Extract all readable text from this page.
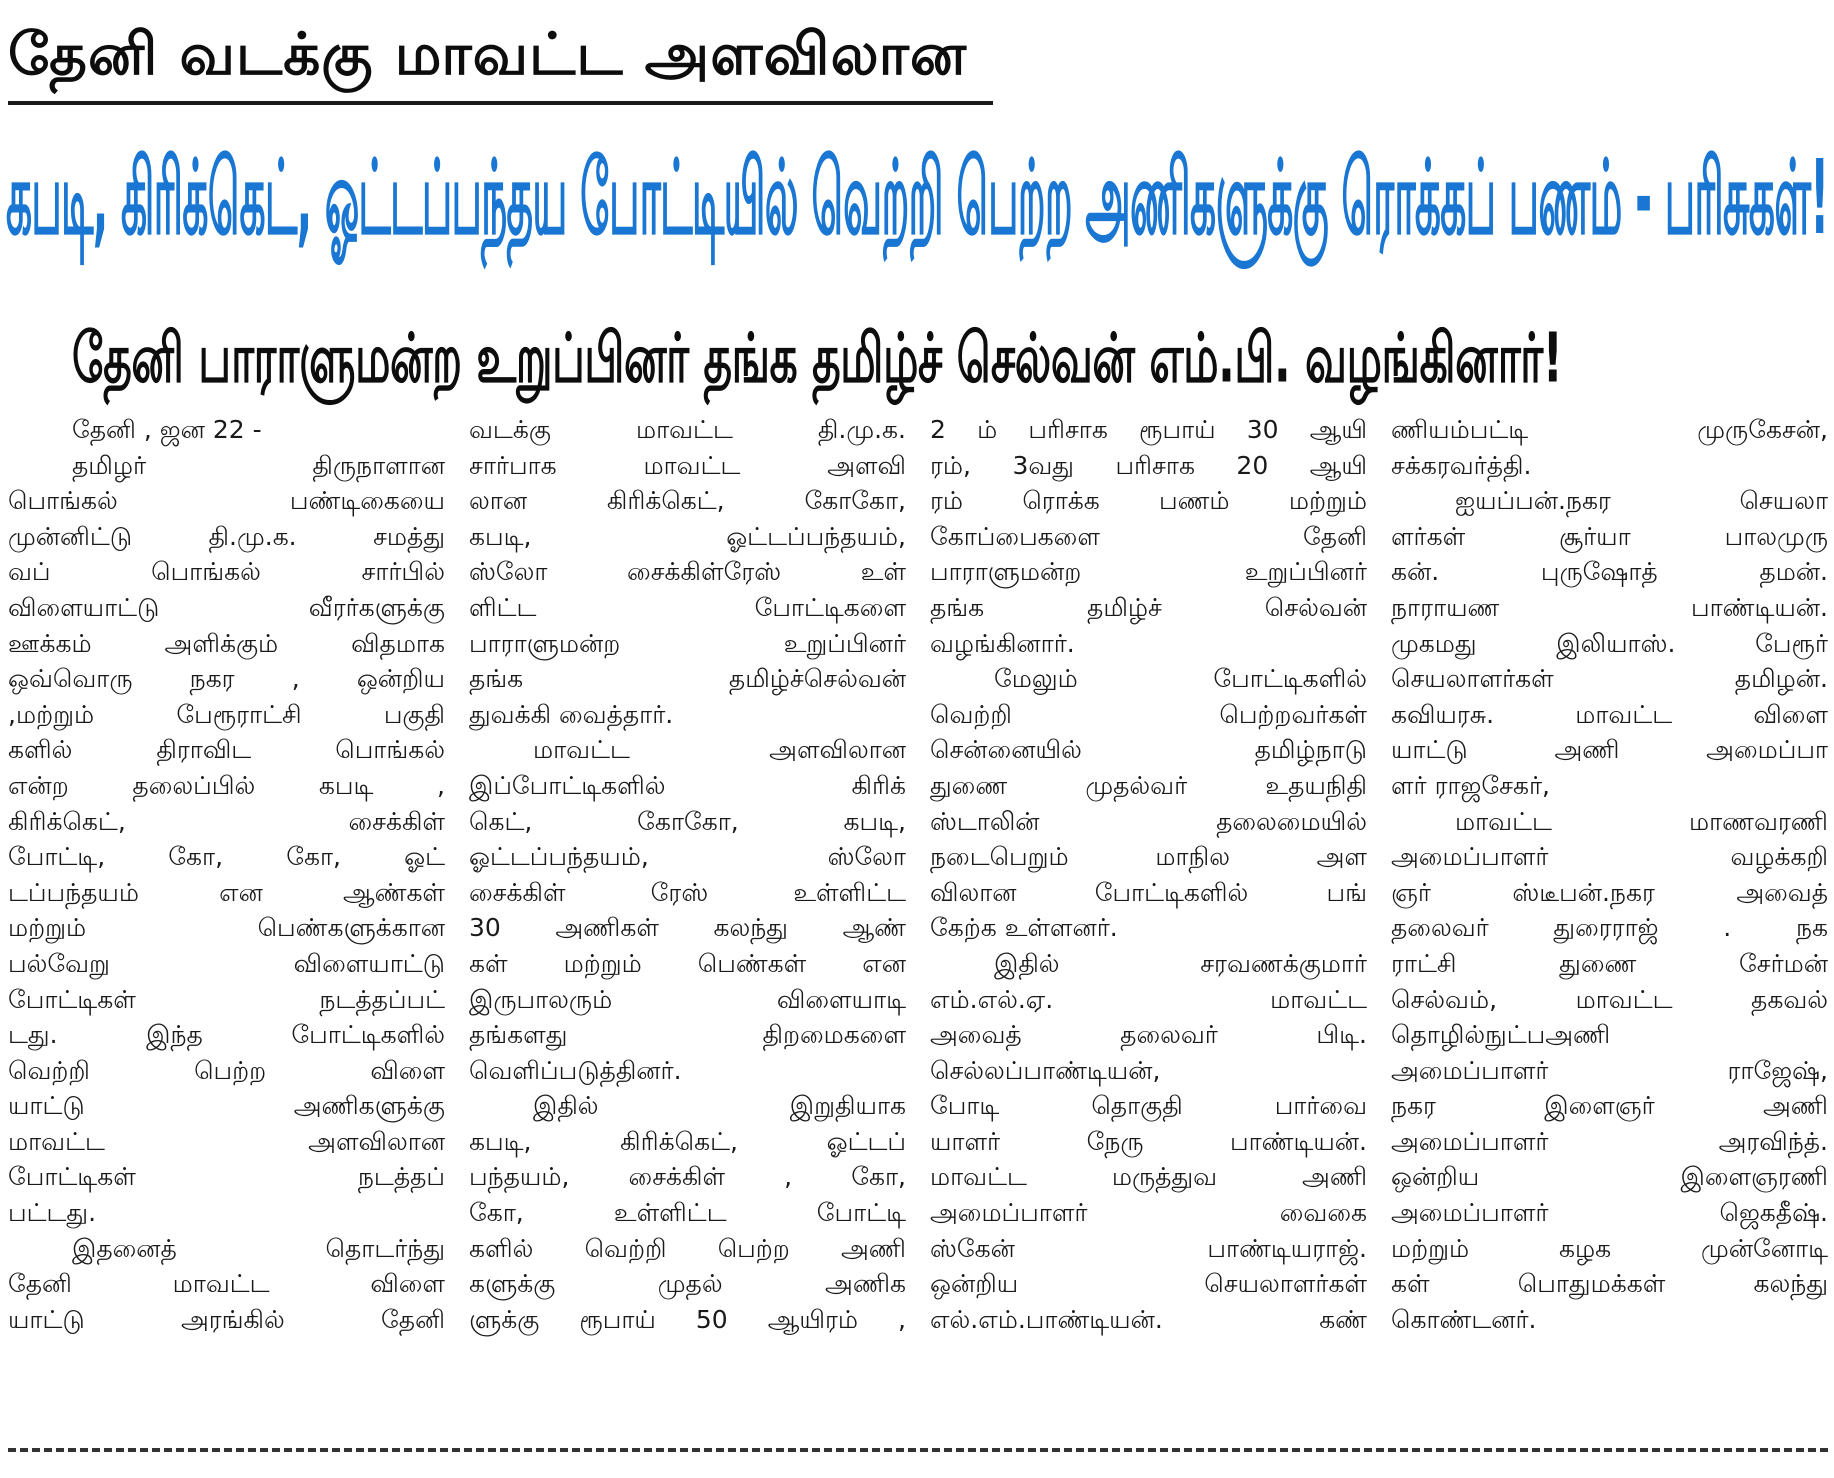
தேனி வடக்கு மாவட்ட அளவிலான
கபடி, கிரிக்கெட், ஓட்டப்பந்தய போட்டியில் வெற்றி பெற்ற அணிகளுக்கு ரொக்கப் பணம் - பரிசுகள்!
தேனி பாராளுமன்ற உறுப்பினர் தங்க தமிழ்ச் செல்வன் எம்.பி. வழங்கினார்!
தேனி , ஜன 22 -
தமிழர் திருநாளான
பொங்கல் பண்டிகையை
முன்னிட்டு தி.மு.க. சமத்து
வப் பொங்கல் சார்பில்
விளையாட்டு வீரர்களுக்கு
ஊக்கம் அளிக்கும் விதமாக
ஒவ்வொரு நகர , ஒன்றிய
,மற்றும் பேரூராட்சி பகுதி
களில் திராவிட பொங்கல்
என்ற தலைப்பில் கபடி ,
கிரிக்கெட், சைக்கிள்
போட்டி, கோ, கோ, ஓட்
டப்பந்தயம் என ஆண்கள்
மற்றும் பெண்களுக்கான
பல்வேறு விளையாட்டு
போட்டிகள் நடத்தப்பட்
டது. இந்த போட்டிகளில்
வெற்றி பெற்ற விளை
யாட்டு அணிகளுக்கு
மாவட்ட அளவிலான
போட்டிகள் நடத்தப்
பட்டது.
இதனைத் தொடர்ந்து
தேனி மாவட்ட விளை
யாட்டு அரங்கில் தேனி
வடக்கு மாவட்ட தி.மு.க.
சார்பாக மாவட்ட அளவி
லான கிரிக்கெட், கோகோ,
கபடி, ஓட்டப்பந்தயம்,
ஸ்லோ சைக்கிள்ரேஸ் உள்
ளிட்ட போட்டிகளை
பாராளுமன்ற உறுப்பினர்
தங்க தமிழ்ச்செல்வன்
துவக்கி வைத்தார்.
மாவட்ட அளவிலான
இப்போட்டிகளில் கிரிக்
கெட், கோகோ, கபடி,
ஓட்டப்பந்தயம், ஸ்லோ
சைக்கிள் ரேஸ் உள்ளிட்ட
30 அணிகள் கலந்து ஆண்
கள் மற்றும் பெண்கள் என
இருபாலரும் விளையாடி
தங்களது திறமைகளை
வெளிப்படுத்தினர்.
இதில் இறுதியாக
கபடி, கிரிக்கெட், ஓட்டப்
பந்தயம், சைக்கிள் , கோ,
கோ, உள்ளிட்ட போட்டி
களில் வெற்றி பெற்ற அணி
களுக்கு முதல் அணிக
ளுக்கு ரூபாய் 50 ஆயிரம் ,
2 ம் பரிசாக ரூபாய் 30 ஆயி
ரம், 3வது பரிசாக 20 ஆயி
ரம் ரொக்க பணம் மற்றும்
கோப்பைகளை தேனி
பாராளுமன்ற உறுப்பினர்
தங்க தமிழ்ச் செல்வன்
வழங்கினார்.
மேலும் போட்டிகளில்
வெற்றி பெற்றவர்கள்
சென்னையில் தமிழ்நாடு
துணை முதல்வர் உதயநிதி
ஸ்டாலின் தலைமையில்
நடைபெறும் மாநில அள
விலான போட்டிகளில் பங்
கேற்க உள்ளனர்.
இதில் சரவணக்குமார்
எம்.எல்.ஏ. மாவட்ட
அவைத் தலைவர் பிடி.
செல்லப்பாண்டியன்,
போடி தொகுதி பார்வை
யாளர் நேரு பாண்டியன்.
மாவட்ட மருத்துவ அணி
அமைப்பாளர் வைகை
ஸ்கேன் பாண்டியராஜ்.
ஒன்றிய செயலாளர்கள்
எல்.எம்.பாண்டியன். கண்
ணியம்பட்டி முருகேசன்,
சக்கரவர்த்தி.
ஐயப்பன்.நகர செயலா
ளர்கள் சூர்யா பாலமுரு
கன். புருஷோத் தமன்.
நாராயண பாண்டியன்.
முகமது இலியாஸ். பேரூர்
செயலாளர்கள் தமிழன்.
கவியரசு. மாவட்ட விளை
யாட்டு அணி அமைப்பா
ளர் ராஜசேகர்,
மாவட்ட மாணவரணி
அமைப்பாளர் வழக்கறி
ஞர் ஸ்டீபன்.நகர அவைத்
தலைவர் துரைராஜ் . நக
ராட்சி துணை சேர்மன்
செல்வம், மாவட்ட தகவல்
தொழில்நுட்பஅணி
அமைப்பாளர் ராஜேஷ்,
நகர இளைஞர் அணி
அமைப்பாளர் அரவிந்த்.
ஒன்றிய இளைஞரணி
அமைப்பாளர் ஜெகதீஷ்.
மற்றும் கழக முன்னோடி
கள் பொதுமக்கள் கலந்து
கொண்டனர்.
